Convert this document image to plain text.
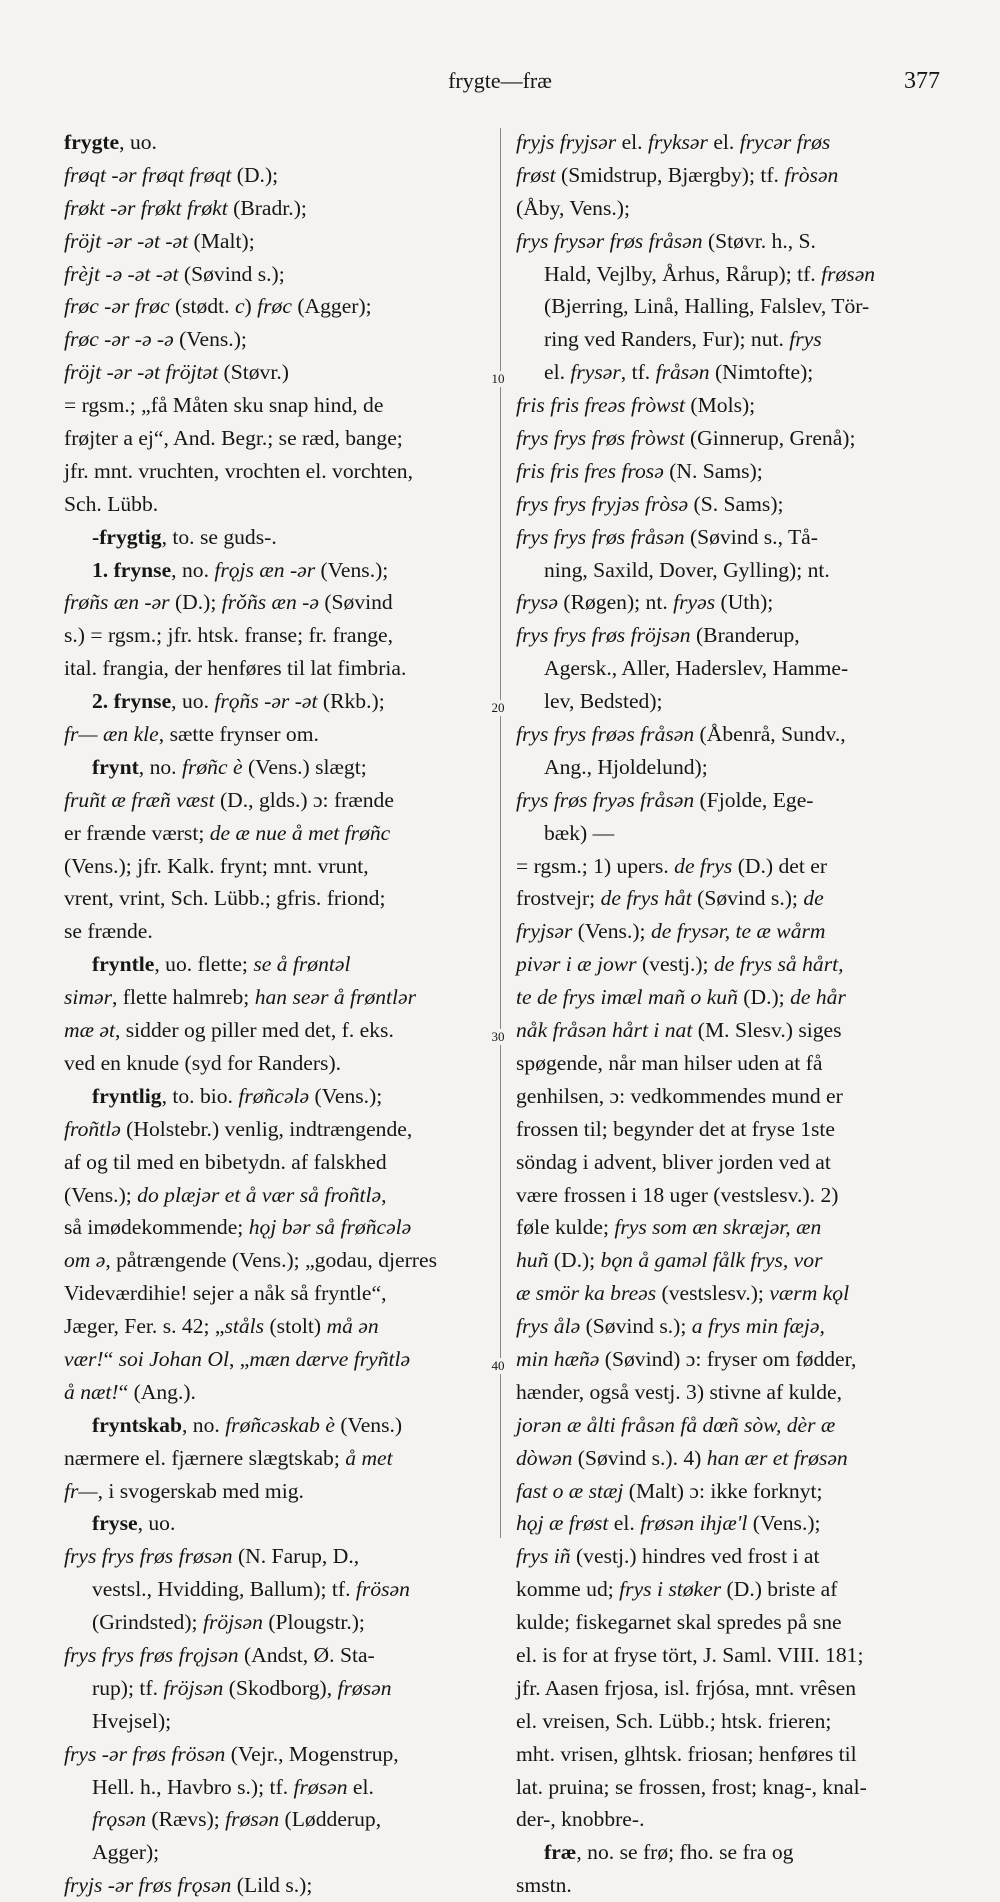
frygte—fræ	377
10
20
30
40
frygte, uo.
frøqt -ər frøqt frøqt (D.);
frøkt -ər frøkt frøkt (Bradr.);
fröjt -ər -ət -ət (Malt);
frèjt -ə -ət -ət (Søvind s.);
frøc -ər frøc (stødt. c) frøc (Agger);
frøc -ər -ə -ə (Vens.);
fröjt -ər -ət fröjtət (Støvr.)
= rgsm.; „få Måten sku snap hind, de
frøjter a ej“, And. Begr.; se ræd, bange;
jfr. mnt. vruchten, vrochten el. vorchten,
Sch. Lübb.
-frygtig, to. se guds-.
1. frynse, no. frǫjs æn -ər (Vens.);
frøñs æn -ər (D.); frǒñs æn -ə (Søvind
s.) = rgsm.; jfr. htsk. franse; fr. frange,
ital. frangia, der henføres til lat fimbria.
2. frynse, uo. frǫñs -ər -ət (Rkb.);
fr— æn kle, sætte frynser om.
frynt, no. frøñc è (Vens.) slægt;
fruñt æ fræñ væst (D., glds.) ɔ: frænde
er frænde værst; de æ nue å met frøñc
(Vens.); jfr. Kalk. frynt; mnt. vrunt,
vrent, vrint, Sch. Lübb.; gfris. friond;
se frænde.
fryntle, uo. flette; se å frøntəl
simər, flette halmreb; han seər å frøntlər
mæ ət, sidder og piller med det, f. eks.
ved en knude (syd for Randers).
fryntlig, to. bio. frøñcələ (Vens.);
froñtlə (Holstebr.) venlig, indtrængende,
af og til med en bibetydn. af falskhed
(Vens.); do plæjər et å vær så froñtlə,
så imødekommende; hǫj bər så frøñcələ
om ə, påtrængende (Vens.); „godau, djerres
Videværdihie! sejer a nåk så fryntle“,
Jæger, Fer. s. 42; „ståls (stolt) må ən
vær!“ soi Johan Ol, „mæn dærve fryñtlə
å næt!“ (Ang.).
fryntskab, no. frøñcəskab è (Vens.)
nærmere el. fjærnere slægtskab; å met
fr—, i svogerskab med mig.
fryse, uo.
frys frys frøs frøsən (N. Farup, D.,
vestsl., Hvidding, Ballum); tf. frösən
(Grindsted); fröjsən (Plougstr.);
frys frys frøs frǫjsən (Andst, Ø. Sta-
rup); tf. fröjsən (Skodborg), frøsən
Hvejsel);
frys -ər frøs frösən (Vejr., Mogenstrup,
Hell. h., Havbro s.); tf. frøsən el.
frǫsən (Rævs); frøsən (Lødderup,
Agger);
fryjs -ər frøs frǫsən (Lild s.);
fryjs fryjsər el. fryksər el. frycər frøs
frøst (Smidstrup, Bjærgby); tf. fròsən
(Åby, Vens.);
frys frysər frøs fråsən (Støvr. h., S.
Hald, Vejlby, Århus, Rårup); tf. frøsən
(Bjerring, Linå, Halling, Falslev, Tör-
ring ved Randers, Fur); nut. frys
el. frysər, tf. fråsən (Nimtofte);
fris fris freəs fròwst (Mols);
frys frys frøs fròwst (Ginnerup, Grenå);
fris fris fres frosə (N. Sams);
frys frys fryjəs fròsə (S. Sams);
frys frys frøs fråsən (Søvind s., Tå-
ning, Saxild, Dover, Gylling); nt.
frysə (Røgen); nt. fryəs (Uth);
frys frys frøs fröjsən (Branderup,
Agersk., Aller, Haderslev, Hamme-
lev, Bedsted);
frys frys frøəs fråsən (Åbenrå, Sundv.,
Ang., Hjoldelund);
frys frøs fryəs fråsən (Fjolde, Ege-
bæk) —
= rgsm.; 1) upers. de frys (D.) det er
frostvejr; de frys håt (Søvind s.); de
fryjsər (Vens.); de frysər, te æ wårm
pivər i æ jowr (vestj.); de frys så hårt,
te de frys imæl mañ o kuñ (D.); de hår
nåk fråsən hårt i nat (M. Slesv.) siges
spøgende, når man hilser uden at få
genhilsen, ɔ: vedkommendes mund er
frossen til; begynder det at fryse 1ste
söndag i advent, bliver jorden ved at
være frossen i 18 uger (vestslesv.). 2)
føle kulde; frys som æn skræjər, æn
huñ (D.); bǫn å gaməl fålk frys, vor
æ smör ka breəs (vestslesv.); værm kǫl
frys ålə (Søvind s.); a frys min fæjə,
min hæñə (Søvind) ɔ: fryser om fødder,
hænder, også vestj. 3) stivne af kulde,
jorən æ ålti fråsən få dœñ sòw, dèr æ
dòwən (Søvind s.). 4) han ær et frøsən
fast o æ stæj (Malt) ɔ: ikke forknyt;
hǫj æ frøst el. frøsən ihjæ'l (Vens.);
frys iñ (vestj.) hindres ved frost i at
komme ud; frys i støker (D.) briste af
kulde; fiskegarnet skal spredes på sne
el. is for at fryse tört, J. Saml. VIII. 181;
jfr. Aasen frjosa, isl. frjósa, mnt. vrêsen
el. vreisen, Sch. Lübb.; htsk. frieren;
mht. vrisen, glhtsk. friosan; henføres til
lat. pruina; se frossen, frost; knag-, knal-
der-, knobbre-.
fræ, no. se frø; fho. se fra og
smstn.
